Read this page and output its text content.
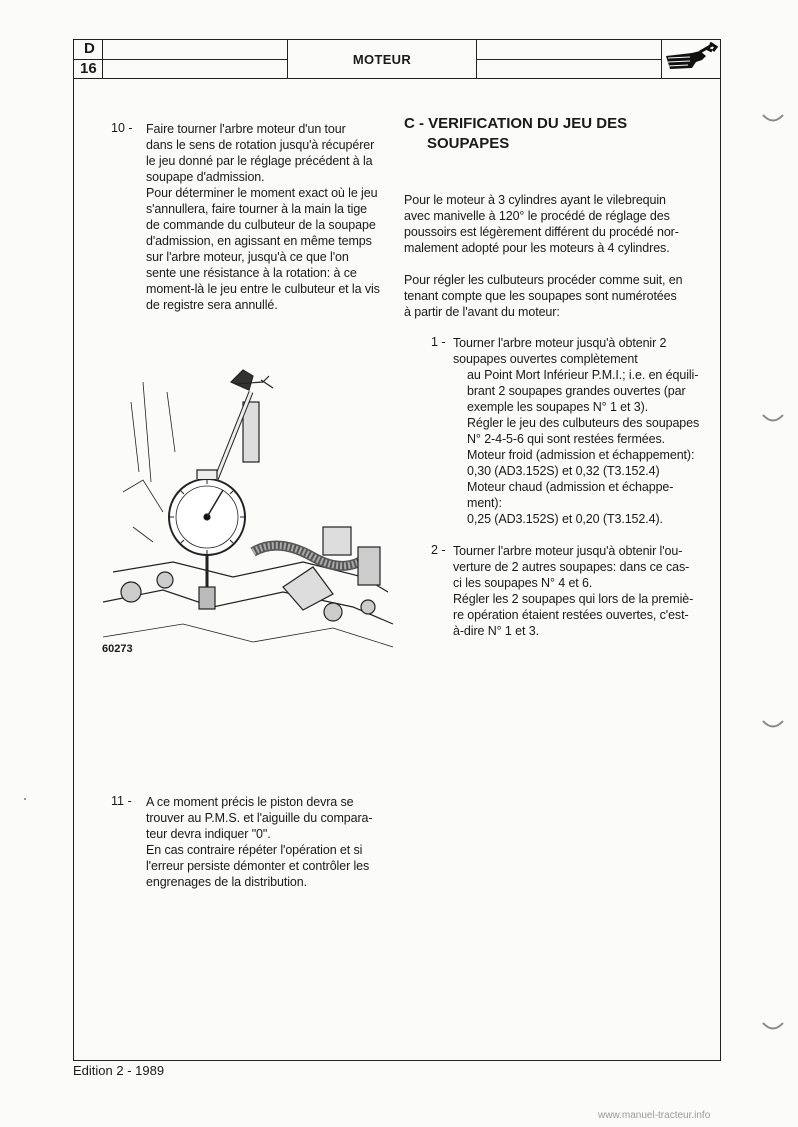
D
16
MOTEUR
10 - Faire tourner l'arbre moteur d'un tour
dans le sens de rotation jusqu'à récupérer
le jeu donné par le réglage précédent à la
soupape d'admission.
Pour déterminer le moment exact où le jeu
s'annullera, faire tourner à la main la tige
de commande du culbuteur de la soupape
d'admission, en agissant en même temps
sur l'arbre moteur, jusqu'à ce que l'on
sente une résistance à la rotation: à ce
moment-là le jeu entre le culbuteur et la vis
de registre sera annullé.
60273
11 - A ce moment précis le piston devra se
trouver au P.M.S. et l'aiguille du compara-
teur devra indiquer "0".
En cas contraire répéter l'opération et si
l'erreur persiste démonter et contrôler les
engrenages de la distribution.
C - VERIFICATION DU JEU DES
SOUPAPES
Pour le moteur à 3 cylindres ayant le vilebrequin
avec manivelle à 120° le procédé de réglage des
poussoirs est légèrement différent du procédé nor-
malement adopté pour les moteurs à 4 cylindres.
Pour régler les culbuteurs procéder comme suit, en
tenant compte que les soupapes sont numérotées
à partir de l'avant du moteur:
1 - Tourner l'arbre moteur jusqu'à obtenir 2
soupapes ouvertes complètement
au Point Mort Inférieur P.M.I.; i.e. en équili-
brant 2 soupapes grandes ouvertes (par
exemple les soupapes N° 1 et 3).
Régler le jeu des culbuteurs des soupapes
N° 2-4-5-6 qui sont restées fermées.
Moteur froid (admission et échappement):
0,30 (AD3.152S) et 0,32 (T3.152.4)
Moteur chaud (admission et échappe-
ment):
0,25 (AD3.152S) et 0,20 (T3.152.4).
2 - Tourner l'arbre moteur jusqu'à obtenir l'ou-
verture de 2 autres soupapes: dans ce cas-
ci les soupapes N° 4 et 6.
Régler les 2 soupapes qui lors de la premiè-
re opération étaient restées ouvertes, c'est-
à-dire N° 1 et 3.
Edition 2 - 1989
www.manuel-tracteur.info
